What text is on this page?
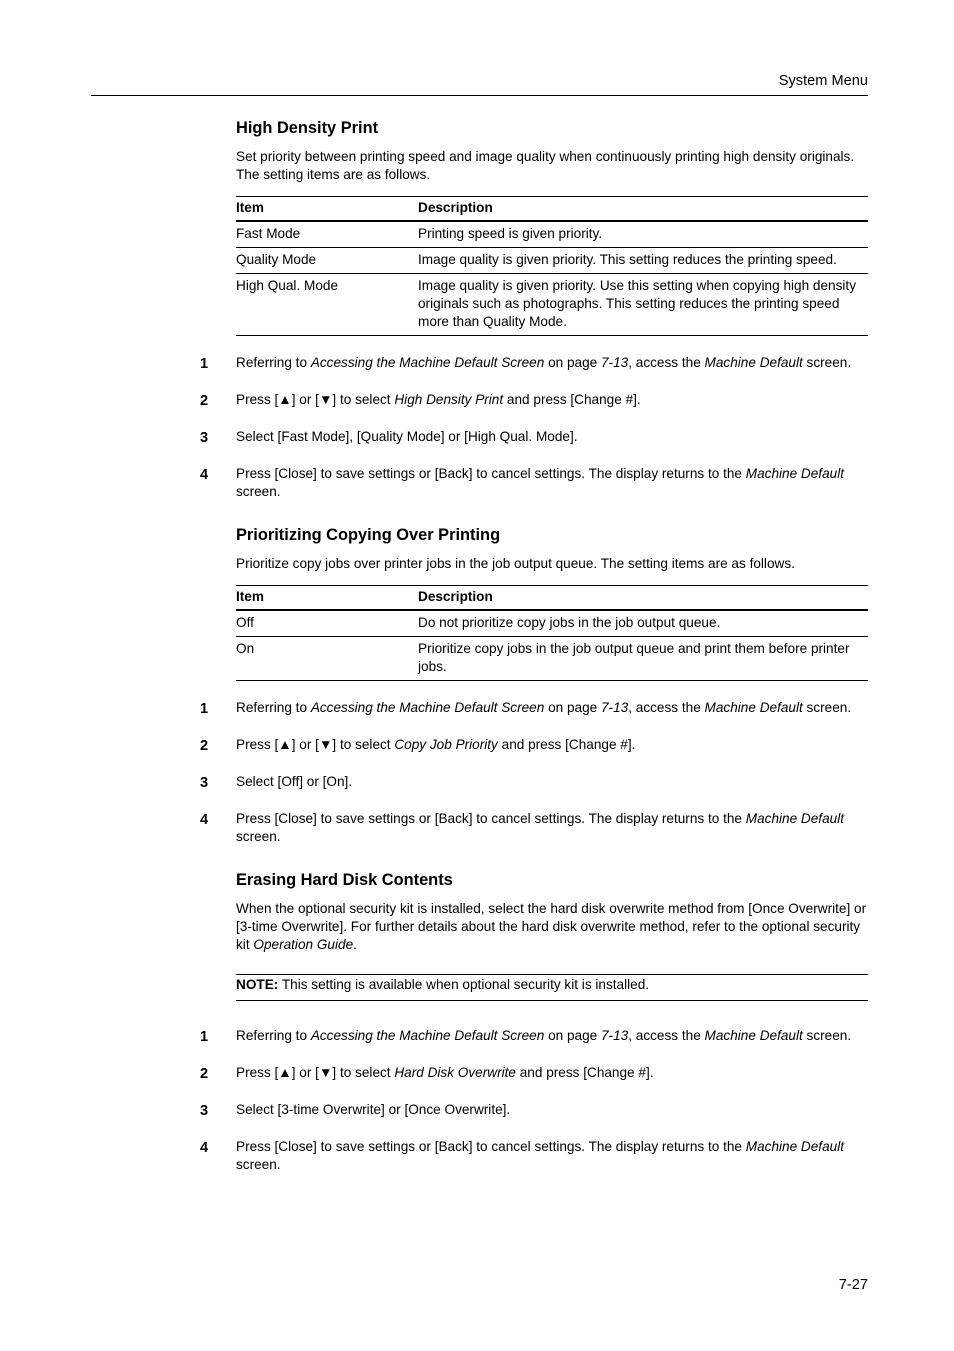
System Menu
High Density Print

Set priority between printing speed and image quality when continuously printing high density originals. The setting items are as follows.

Item	Description
Fast Mode	Printing speed is given priority.
Quality Mode	Image quality is given priority. This setting reduces the printing speed.
High Qual. Mode	Image quality is given priority. Use this setting when copying high density originals such as photographs. This setting reduces the printing speed more than Quality Mode.
1 Referring to Accessing the Machine Default Screen on page 7-13, access the Machine Default screen.
2 Press [▲] or [▼] to select High Density Print and press [Change #].
3 Select [Fast Mode], [Quality Mode] or [High Qual. Mode].
4 Press [Close] to save settings or [Back] to cancel settings. The display returns to the Machine Default screen.
Prioritizing Copying Over Printing

Prioritize copy jobs over printer jobs in the job output queue. The setting items are as follows.

Item	Description
Off	Do not prioritize copy jobs in the job output queue.
On	Prioritize copy jobs in the job output queue and print them before printer jobs.
1 Referring to Accessing the Machine Default Screen on page 7-13, access the Machine Default screen.
2 Press [▲] or [▼] to select Copy Job Priority and press [Change #].
3 Select [Off] or [On].
4 Press [Close] to save settings or [Back] to cancel settings. The display returns to the Machine Default screen.
Erasing Hard Disk Contents

When the optional security kit is installed, select the hard disk overwrite method from [Once Overwrite] or [3-time Overwrite]. For further details about the hard disk overwrite method, refer to the optional security kit Operation Guide.

NOTE: This setting is available when optional security kit is installed.
1 Referring to Accessing the Machine Default Screen on page 7-13, access the Machine Default screen.
2 Press [▲] or [▼] to select Hard Disk Overwrite and press [Change #].
3 Select [3-time Overwrite] or [Once Overwrite].
4 Press [Close] to save settings or [Back] to cancel settings. The display returns to the Machine Default screen.
7-27
